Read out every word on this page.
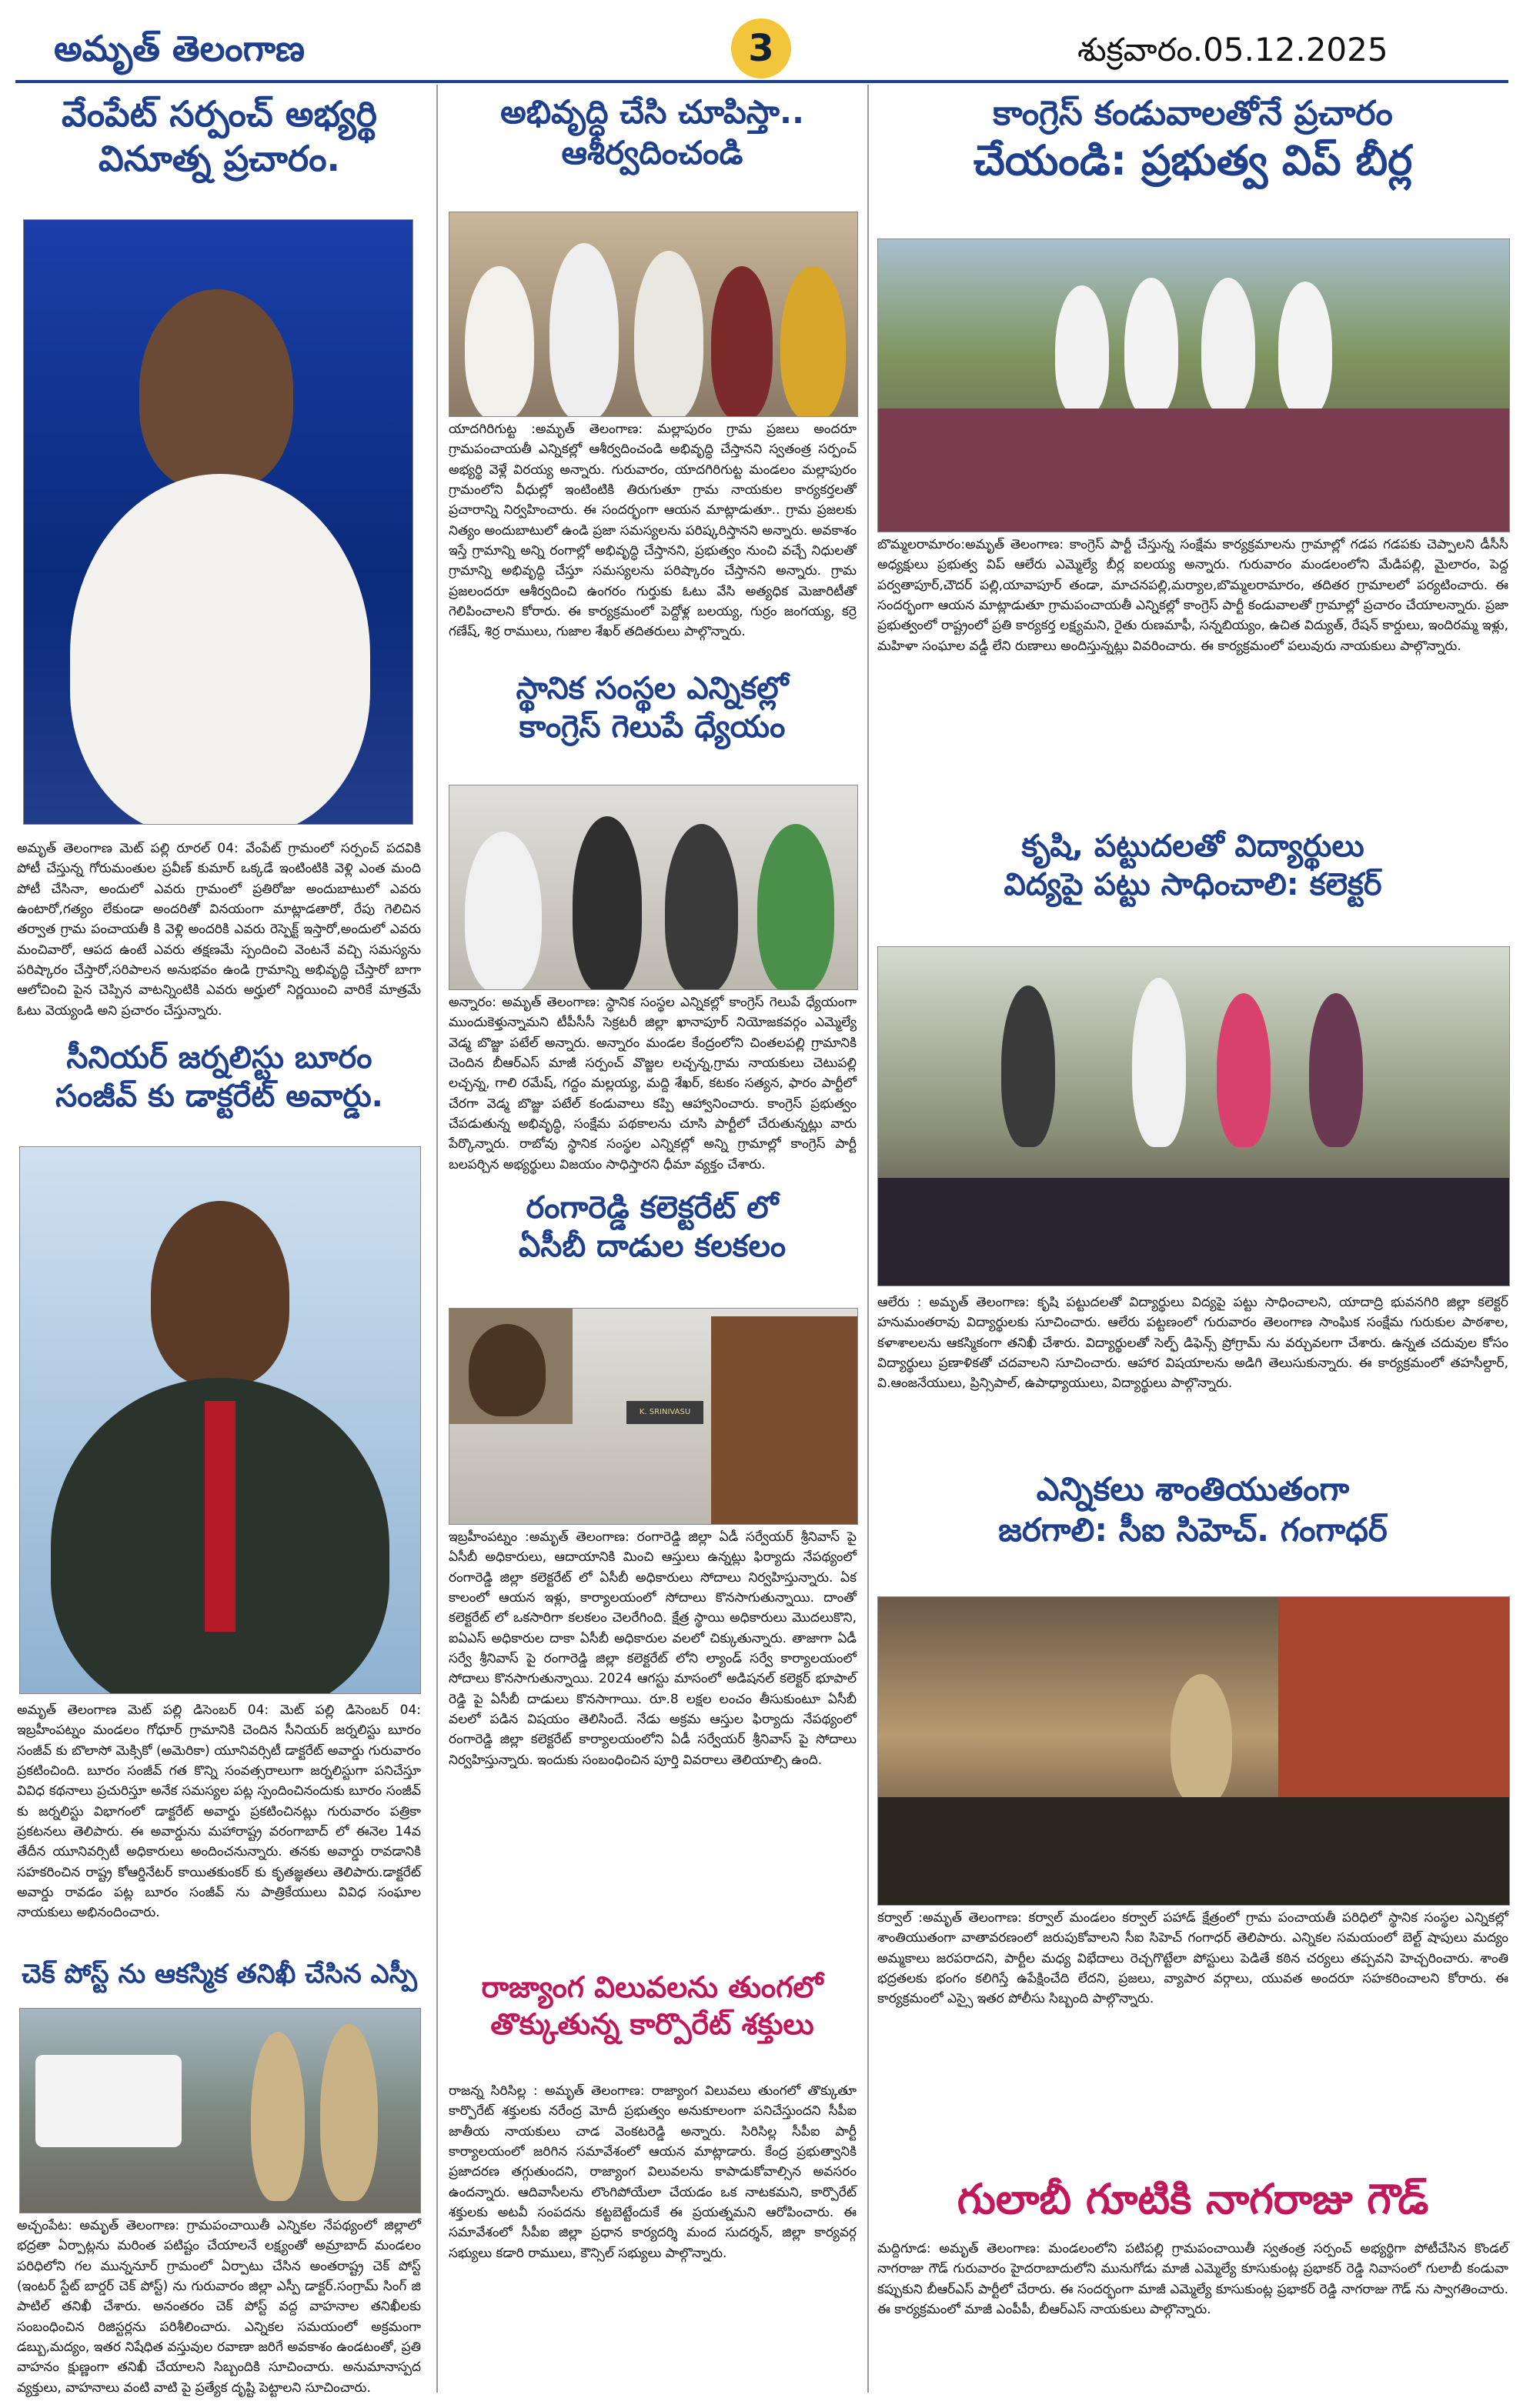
అమృత్ తెలంగాణ	3	శుక్రవారం.05.12.2025
వేంపేట్ సర్పంచ్ అభ్యర్థి
వినూత్న ప్రచారం.
అమృత్ తెలంగాణ మెట్ పల్లి రూరల్ 04: వేంపేట్ గ్రామంలో సర్పంచ్ పదవికి పోటీ చేస్తున్న గోరుమంతుల ప్రవీణ్ కుమార్ ఒక్కడే ఇంటింటికి వెళ్లి ఎంత మంది పోటీ చేసినా, అందులో ఎవరు గ్రామంలో ప్రతిరోజు అందుబాటులో ఎవరు ఉంటారో,గత్యం లేకుండా అందరితో వినయంగా మాట్లాడతారో, రేపు గెలిచిన తర్వాత గ్రామ పంచాయతీ కి వెళ్లి అందరికి ఎవరు రెస్పెక్ట్ ఇస్తారో,అందులో ఎవరు మంచివారో, ఆపద ఉంటే ఎవరు తక్షణమే స్పందించి వెంటనే వచ్చి సమస్యను పరిష్కారం చేస్తారో,సరిపాలన అనుభవం ఉండి గ్రామాన్ని అభివృద్ధి చేస్తారో బాగా ఆలోచించి పైన చెప్పిన వాటన్నింటికి ఎవరు అర్హులో నిర్ణయించి వారికే మాత్రమే ఓటు వెయ్యండి అని ప్రచారం చేస్తున్నారు.
సీనియర్ జర్నలిస్టు బూరం
సంజీవ్ కు డాక్టరేట్ అవార్డు.
అమృత్ తెలంగాణ మెట్ పల్లి డిసెంబర్ 04: మెట్ పల్లి డిసెంబర్ 04: ఇబ్రహీంపట్నం మండలం గోధూర్ గ్రామానికి చెందిన సీనియర్ జర్నలిస్టు బూరం సంజీవ్ కు బొలాసో మెక్సికో (అమెరికా) యూనివర్సిటీ డాక్టరేట్ అవార్డు గురువారం ప్రకటించింది. బూరం సంజీవ్ గత కొన్ని సంవత్సరాలుగా జర్నలిస్టుగా పనిచేస్తూ వివిధ కథనాలు ప్రచురిస్తూ అనేక సమస్యల పట్ల స్పందించినందుకు బూరం సంజీవ్ కు జర్నలిస్టు విభాగంలో డాక్టరేట్ అవార్డు ప్రకటించినట్లు గురువారం పత్రికా ప్రకటనలు తెలిపారు. ఈ అవార్డును మహారాష్ట్ర వరంగాబాద్ లో ఈనెల 14వ తేదీన యూనివర్సిటీ అధికారులు అందించనున్నారు. తనకు అవార్డు రావడానికి సహకరించిన రాష్ట్ర కోఆర్డినేటర్ కాయితకుంకర్ కు కృతజ్ఞతలు తెలిపారు.డాక్టరేట్ అవార్డు రావడం పట్ల బూరం సంజీవ్ ను పాత్రికేయులు వివిధ సంఘాల నాయకులు అభినందించారు.
చెక్ పోస్ట్ ను ఆకస్మిక తనిఖీ చేసిన ఎస్పీ
అచ్చంపేట: అమృత్ తెలంగాణ: గ్రామపంచాయితీ ఎన్నికల నేపథ్యంలో జిల్లాలో భద్రతా ఏర్పాట్లను మరింత పటిష్టం చేయాలనే లక్ష్యంతో అమ్రాబాద్ మండలం పరిధిలోని గల మున్ననూర్ గ్రామంలో ఏర్పాటు చేసిన అంతరాష్ట్ర చెక్ పోస్ట్ (ఇంటర్ స్టేట్ బార్డర్ చెక్ పోస్ట్) ను గురువారం జిల్లా ఎస్పీ డాక్టర్.సంగ్రామ్ సింగ్ జి పాటిల్ తనిఖీ చేశారు. అనంతరం చెక్ పోస్ట్ వద్ద వాహనాల తనిఖీలకు సంబంధించిన రిజిస్టర్లను పరిశీలించారు. ఎన్నికల సమయంలో అక్రమంగా డబ్బు,మద్యం, ఇతర నిషేధిత వస్తువుల రవాణా జరిగే అవకాశం ఉండటంతో, ప్రతి వాహనం క్షుణ్ణంగా తనిఖీ చేయాలని సిబ్బందికి సూచించారు. అనుమానాస్పద వ్యక్తులు, వాహనాలు వంటి వాటి పై ప్రత్యేక దృష్టి పెట్టాలని సూచించారు.
అభివృద్ధి చేసి చూపిస్తా..
ఆశీర్వదించండి
యాదగిరిగుట్ట :అమృత్ తెలంగాణ: మల్లాపురం గ్రామ ప్రజలు అందరూ గ్రామపంచాయతీ ఎన్నికల్లో ఆశీర్వదించండి అభివృద్ధి చేస్తానని స్వతంత్ర సర్పంచ్ అభ్యర్థి వెళ్లే విరయ్య అన్నారు. గురువారం, యాదగిరిగుట్ట మండలం మల్లాపురం గ్రామంలోని వీధుల్లో ఇంటింటికి తిరుగుతూ గ్రామ నాయకుల కార్యకర్తలతో ప్రచారాన్ని నిర్వహించారు. ఈ సందర్భంగా ఆయన మాట్లాడుతూ.. గ్రామ ప్రజలకు నిత్యం అందుబాటులో ఉండి ప్రజా సమస్యలను పరిష్కరిస్తానని అన్నారు. అవకాశం ఇస్తే గ్రామాన్ని అన్ని రంగాల్లో అభివృద్ధి చేస్తానని, ప్రభుత్వం నుంచి వచ్చే నిధులతో గ్రామాన్ని అభివృద్ధి చేస్తూ సమస్యలను పరిష్కారం చేస్తానని అన్నారు. గ్రామ ప్రజలందరూ ఆశీర్వదించి ఉంగరం గుర్తుకు ఓటు వేసి అత్యధిక మెజారిటీతో గెలిపించాలని కోరారు. ఈ కార్యక్రమంలో పెద్దోళ్ల బలయ్య, గుర్రం జంగయ్య, కర్రె గణేష్, శిర్ర రాములు, గుజాల శేఖర్ తదితరులు పాల్గొన్నారు.
స్థానిక సంస్థల ఎన్నికల్లో
కాంగ్రెస్ గెలుపే ధ్యేయం
అన్నారం: అమృత్ తెలంగాణ: స్థానిక సంస్థల ఎన్నికల్లో కాంగ్రెస్ గెలుపే ధ్యేయంగా ముందుకెళ్తున్నామని టీపీసీసీ సెక్రటరీ జిల్లా ఖానాపూర్ నియోజకవర్గం ఎమ్మెల్యే వెడ్మ బొజ్జు పటేల్ అన్నారు. అన్నారం మండల కేంద్రంలోని చింతలపల్లి గ్రామానికి చెందిన బీఆర్ఎస్ మాజీ సర్పంచ్ వొజ్జల లచ్చన్న,గ్రామ నాయకులు చెటుపల్లి లచ్చన్న, గాలి రమేష్, గద్దం మల్లయ్య, మద్ది శేఖర్, కటకం సత్యన, ఫారం పార్టీలో చేరగా వెడ్మ బొజ్జు పటేల్ కండువాలు కప్పి ఆహ్వానించారు. కాంగ్రెస్ ప్రభుత్వం చేపడుతున్న అభివృద్ధి, సంక్షేమ పథకాలను చూసి పార్టీలో చేరుతున్నట్లు వారు పేర్కొన్నారు. రాబోవు స్థానిక సంస్థల ఎన్నికల్లో అన్ని గ్రామాల్లో కాంగ్రెస్ పార్టీ బలపర్చిన అభ్యర్థులు విజయం సాధిస్తారని ధీమా వ్యక్తం చేశారు.
రంగారెడ్డి కలెక్టరేట్ లో
ఏసీబీ దాడుల కలకలం
K. SRINIVASU
ఇబ్రహీంపట్నం :అమృత్ తెలంగాణ: రంగారెడ్డి జిల్లా ఏడీ సర్వేయర్ శ్రీనివాస్ పై ఏసీబీ అధికారులు, ఆదాయానికి మించి ఆస్తులు ఉన్నట్లు ఫిర్యాదు నేపథ్యంలో రంగారెడ్డి జిల్లా కలెక్టరేట్ లో ఏసీబీ అధికారులు సోదాలు నిర్వహిస్తున్నారు. ఏక కాలంలో ఆయన ఇళ్లు, కార్యాలయంలో సోదాలు కొనసాగుతున్నాయి. దాంతో కలెక్టరేట్ లో ఒకసారిగా కలకలం చెలరేగింది. క్షేత్ర స్థాయి అధికారులు మొదలుకొని, ఐఏఎస్ అధికారుల దాకా ఏసీబీ అధికారుల వలలో చిక్కుతున్నారు. తాజాగా ఏడీ సర్వే శ్రీనివాస్ పై రంగారెడ్డి జిల్లా కలెక్టరేట్ లోని ల్యాండ్ సర్వే కార్యాలయంలో సోదాలు కొనసాగుతున్నాయి. 2024 ఆగస్టు మాసంలో అడిషనల్ కలెక్టర్ భూపాల్ రెడ్డి పై ఏసీబీ దాడులు కొనసాగాయి. రూ.8 లక్షల లంచం తీసుకుంటూ ఏసీబీ వలలో పడిన విషయం తెలిసిందే. నేడు అక్రమ ఆస్తుల ఫిర్యాదు నేపథ్యంలో రంగారెడ్డి జిల్లా కలెక్టరేట్ కార్యాలయంలోని ఏడీ సర్వేయర్ శ్రీనివాస్ పై సోదాలు నిర్వహిస్తున్నారు. ఇందుకు సంబంధించిన పూర్తి వివరాలు తెలియాల్సి ఉంది.
రాజ్యాంగ విలువలను తుంగలో
తొక్కుతున్న కార్పొరేట్ శక్తులు
రాజన్న సిరిసిల్ల : అమృత్ తెలంగాణ: రాజ్యాంగ విలువలు తుంగలో తొక్కుతూ కార్పొరేట్ శక్తులకు నరేంద్ర మోదీ ప్రభుత్వం అనుకూలంగా పనిచేస్తుందని సీపీఐ జాతీయ నాయకులు చాడ వెంకటరెడ్డి అన్నారు. సిరిసిల్ల సీపీఐ పార్టీ కార్యాలయంలో జరిగిన సమావేశంలో ఆయన మాట్లాడారు. కేంద్ర ప్రభుత్వానికి ప్రజాదరణ తగ్గుతుందని, రాజ్యాంగ విలువలను కాపాడుకోవాల్సిన అవసరం ఉందన్నారు. ఆదివాసీలను లొంగిపోయేలా చేయడం ఒక నాటకమని, కార్పొరేట్ శక్తులకు అటవీ సంపదను కట్టబెట్టేందుకే ఈ ప్రయత్నమని ఆరోపించారు. ఈ సమావేశంలో సీపీఐ జిల్లా ప్రధాన కార్యదర్శి మంద సుదర్శన్, జిల్లా కార్యవర్గ సభ్యులు కడారి రాములు, కౌన్సిల్ సభ్యులు పాల్గొన్నారు.
కాంగ్రెస్ కండువాలతోనే ప్రచారం
చేయండి: ప్రభుత్వ విప్ బీర్ల
బొమ్మలరామారం:అమృత్ తెలంగాణ: కాంగ్రెస్ పార్టీ చేస్తున్న సంక్షేమ కార్యక్రమాలను గ్రామాల్లో గడప గడపకు చెప్పాలని డీసీసీ అధ్యక్షులు ప్రభుత్వ విప్ ఆలేరు ఎమ్మెల్యే బీర్ల ఐలయ్య అన్నారు. గురువారం మండలంలోని మేడిపల్లి, మైలారం, పెద్ద పర్వతాపూర్,చౌదర్ పల్లి,యావాపూర్ తండా, మాచనపల్లి,మర్యాల,బొమ్మలరామారం, తదితర గ్రామాలలో పర్యటించారు. ఈ సందర్భంగా ఆయన మాట్లాడుతూ గ్రామపంచాయతీ ఎన్నికల్లో కాంగ్రెస్ పార్టీ కండువాలతో గ్రామాల్లో ప్రచారం చేయాలన్నారు. ప్రజా ప్రభుత్వంలో రాష్ట్రంలో ప్రతి కార్యకర్త లక్ష్యమని, రైతు రుణమాఫీ, సన్నబియ్యం, ఉచిత విద్యుత్, రేషన్ కార్డులు, ఇందిరమ్మ ఇళ్లు, మహిళా సంఘాల వడ్డీ లేని రుణాలు అందిస్తున్నట్లు వివరించారు. ఈ కార్యక్రమంలో పలువురు నాయకులు పాల్గొన్నారు.
కృషి, పట్టుదలతో విద్యార్థులు
విద్యపై పట్టు సాధించాలి: కలెక్టర్
ఆలేరు : అమృత్ తెలంగాణ: కృషి పట్టుదలతో విద్యార్థులు విద్యపై పట్టు సాధించాలని, యాదాద్రి భువనగిరి జిల్లా కలెక్టర్ హనుమంతరావు విద్యార్థులకు సూచించారు. ఆలేరు పట్టణంలో గురువారం తెలంగాణ సాంఘిక సంక్షేమ గురుకుల పాఠశాల, కళాశాలలను ఆకస్మికంగా తనిఖీ చేశారు. విద్యార్థులతో సెల్ఫ్ డిఫెన్స్ ప్రోగ్రామ్ ను వర్చువలగా చేశారు. ఉన్నత చదువుల కోసం విద్యార్థులు ప్రణాళికతో చదవాలని సూచించారు. ఆహార విషయాలను అడిగి తెలుసుకున్నారు. ఈ కార్యక్రమంలో తహసీల్దార్, వి.ఆంజనేయులు, ప్రిన్సిపాల్, ఉపాధ్యాయులు, విద్యార్థులు పాల్గొన్నారు.
ఎన్నికలు శాంతియుతంగా
జరగాలి: సీఐ సిహెచ్. గంగాధర్
కర్వాల్ :అమృత్ తెలంగాణ: కర్వాల్ మండలం కర్వాల్ పహాడ్ క్షేత్రంలో గ్రామ పంచాయతీ పరిధిలో స్థానిక సంస్థల ఎన్నికల్లో శాంతియుతంగా వాతావరణంలో జరుపుకోవాలని సీఐ సిహెచ్ గంగాధర్ తెలిపారు. ఎన్నికల సమయంలో బెల్ట్ షాపులు మద్యం అమ్మకాలు జరపరాదని, పార్టీల మధ్య విభేదాలు రెచ్చగొట్టేలా పోస్టులు పెడితే కఠిన చర్యలు తప్పవని హెచ్చరించారు. శాంతి భద్రతలకు భంగం కలిగిస్తే ఉపేక్షించేది లేదని, ప్రజలు, వ్యాపార వర్గాలు, యువత అందరూ సహకరించాలని కోరారు. ఈ కార్యక్రమంలో ఎస్సై ఇతర పోలీసు సిబ్బంది పాల్గొన్నారు.
గులాబీ గూటికి నాగరాజు గౌడ్
మద్దిగూడ: అమృత్ తెలంగాణ: మండలంలోని పటిపల్లి గ్రామపంచాయితీ స్వతంత్ర సర్పంచ్ అభ్యర్థిగా పోటీచేసిన కొండల్ నాగరాజు గౌడ్ గురువారం హైదరాబాదులోని మునుగోడు మాజీ ఎమ్మెల్యే కూసుకుంట్ల ప్రభాకర్ రెడ్డి నివాసంలో గులాబీ కండువా కప్పుకుని బీఆర్ఎస్ పార్టీలో చేరారు. ఈ సందర్భంగా మాజీ ఎమ్మెల్యే కూసుకుంట్ల ప్రభాకర్ రెడ్డి నాగరాజు గౌడ్ ను స్వాగతించారు. ఈ కార్యక్రమంలో మాజీ ఎంపీపీ, బీఆర్ఎస్ నాయకులు పాల్గొన్నారు.
